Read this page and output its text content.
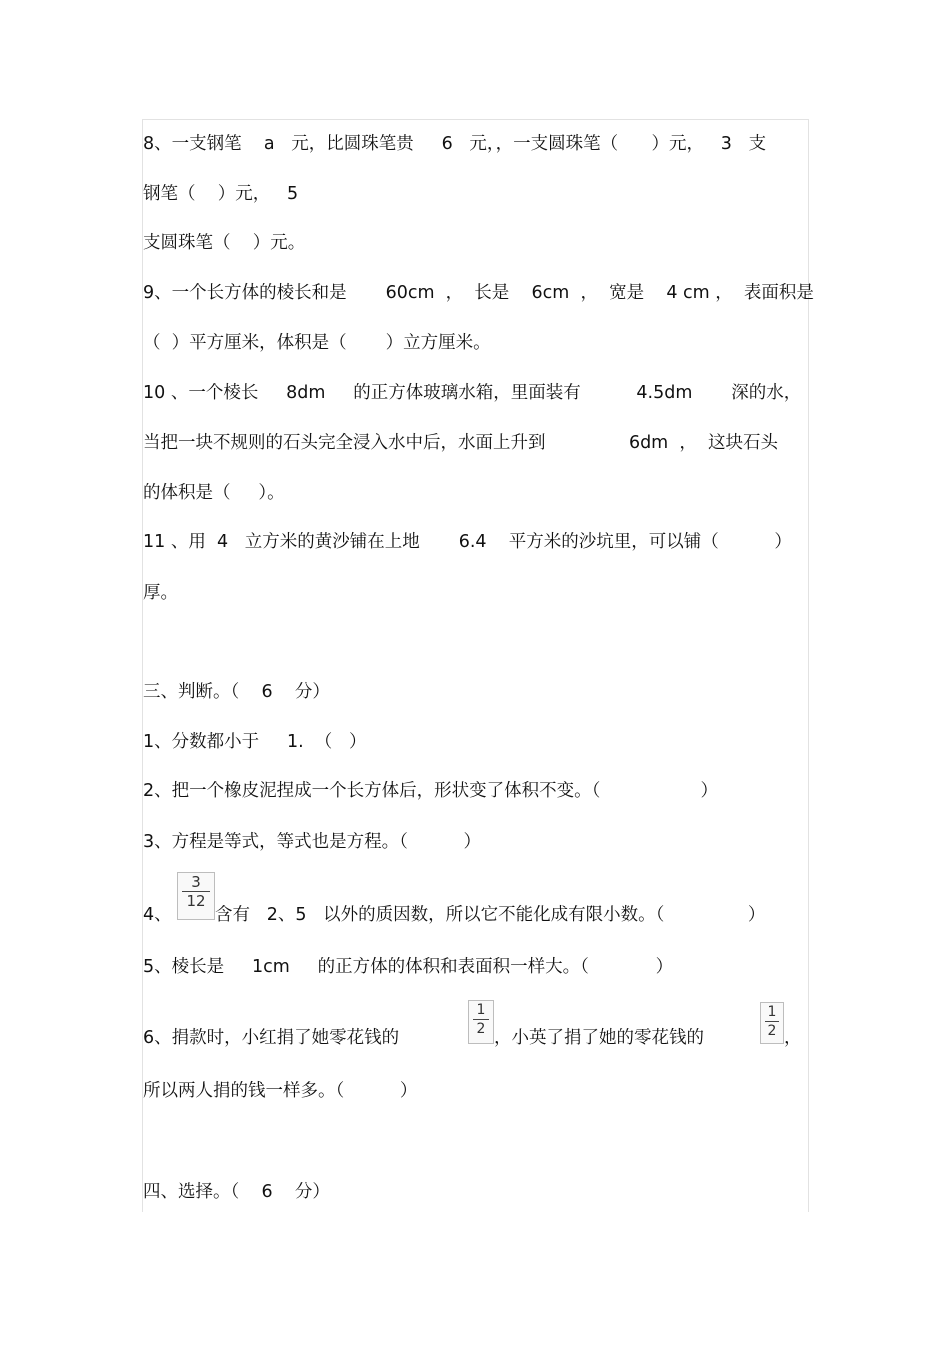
8、一支钢笔    a   元，比圆珠笔贵     6   元，，一支圆珠笔（      ）元，   3   支
钢笔（    ）元，   5
支圆珠笔（    ）元。
9、一个长方体的棱长和是       60cm  ，  长是    6cm  ，  宽是    4 cm ，  表面积是
（  ）平方厘米，体积是（       ）立方厘米。
10 、一个棱长     8dm     的正方体玻璃水箱，里面装有          4.5dm       深的水，
当把一块不规则的石头完全浸入水中后，水面上升到               6dm  ，  这块石头
的体积是（     ）。
11 、用  4   立方米的黄沙铺在上地       6.4    平方米的沙坑里，可以铺（          ）
厚。
三、判断。（    6    分）
1、分数都小于     1.  （   ）
2、把一个橡皮泥捏成一个长方体后，形状变了体积不变。（                  ）
3、方程是等式，等式也是方程。（          ）
4、
3
12
含有   2、5   以外的质因数，所以它不能化成有限小数。（               ）
5、棱长是     1cm     的正方体的体积和表面积一样大。（            ）
6、捐款时，小红捐了她零花钱的
1
2 ，小英了捐了她的零花钱的
1
2 ，
所以两人捐的钱一样多。（          ）
四、选择。（    6    分）
